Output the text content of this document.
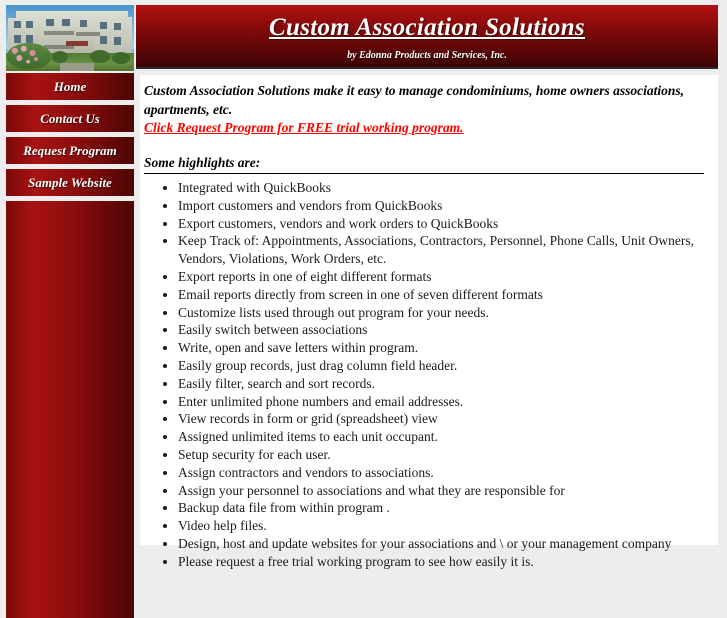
Custom Association Solutions

by Edonna Products and Services, Inc.

Home
Contact Us
Request Program
Sample Website

Custom Association Solutions make it easy to manage condominiums, home owners associations, apartments, etc.

Click Request Program for FREE trial working program.

Some highlights are:

• Integrated with QuickBooks
• Import customers and vendors from QuickBooks
• Export customers, vendors and work orders to QuickBooks
• Keep Track of: Appointments, Associations, Contractors, Personnel, Phone Calls, Unit Owners, Vendors, Violations, Work Orders, etc.
• Export reports in one of eight different formats
• Email reports directly from screen in one of seven different formats
• Customize lists used through out program for your needs.
• Easily switch between associations
• Write, open and save letters within program.
• Easily group records, just drag column field header.
• Easily filter, search and sort records.
• Enter unlimited phone numbers and email addresses.
• View records in form or grid (spreadsheet) view
• Assigned unlimited items to each unit occupant.
• Setup security for each user.
• Assign contractors and vendors to associations.
• Assign your personnel to associations and what they are responsible for
• Backup data file from within program .
• Video help files.
• Design, host and update websites for your associations and \ or your management company
• Please request a free trial working program to see how easily it is.
